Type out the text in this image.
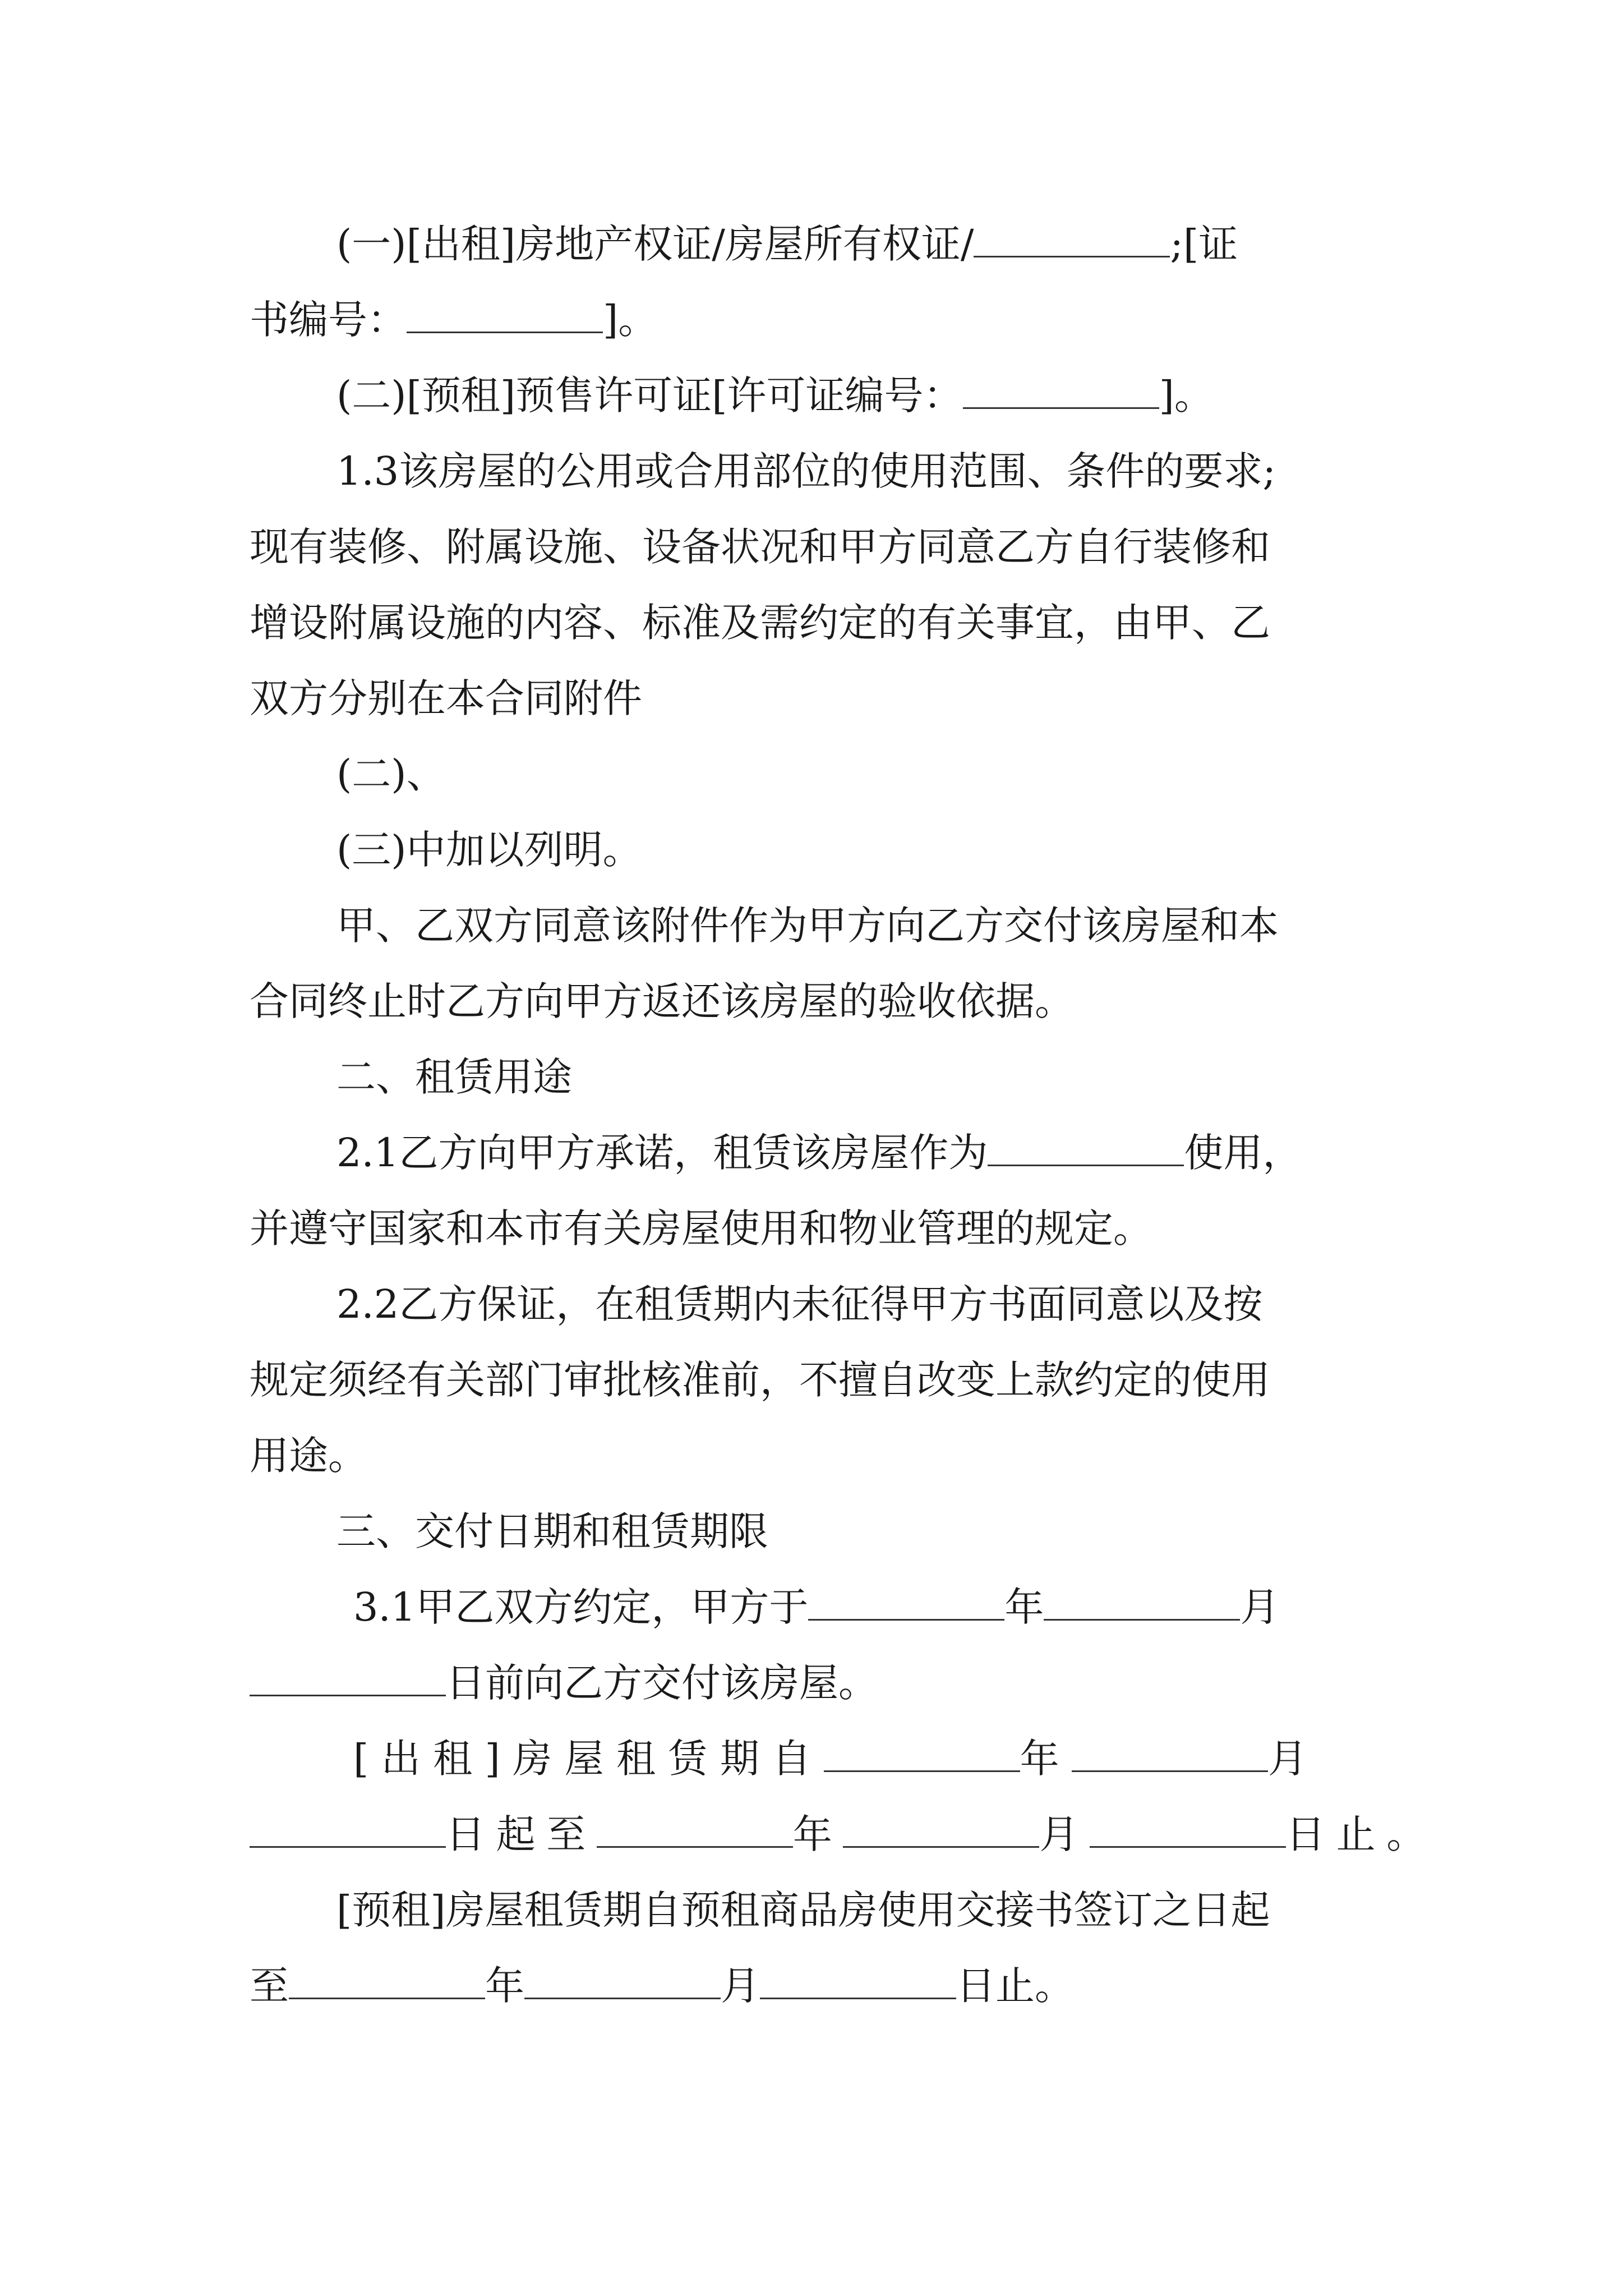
(一)[出租]房地产权证/房屋所有权证/	;[证
书编号：	]。
(二)[预租]预售许可证[许可证编号：	]。
1.3该房屋的公用或合用部位的使用范围、条件的要求;
现有装修、附属设施、设备状况和甲方同意乙方自行装修和
增设附属设施的内容、标准及需约定的有关事宜，由甲、乙
双方分别在本合同附件
(二)、
(三)中加以列明。
甲、乙双方同意该附件作为甲方向乙方交付该房屋和本
合同终止时乙方向甲方返还该房屋的验收依据。
二、租赁用途
2.1乙方向甲方承诺，租赁该房屋作为	使用，
并遵守国家和本市有关房屋使用和物业管理的规定。
2.2乙方保证，在租赁期内未征得甲方书面同意以及按
规定须经有关部门审批核准前，不擅自改变上款约定的使用
用途。
三、交付日期和租赁期限
3.1甲乙双方约定，甲方于	年	月
日前向乙方交付该房屋。
[出租]房屋租赁期自	年	月
日起至	年	月	日止。
[预租]房屋租赁期自预租商品房使用交接书签订之日起
至	年	月	日止。
